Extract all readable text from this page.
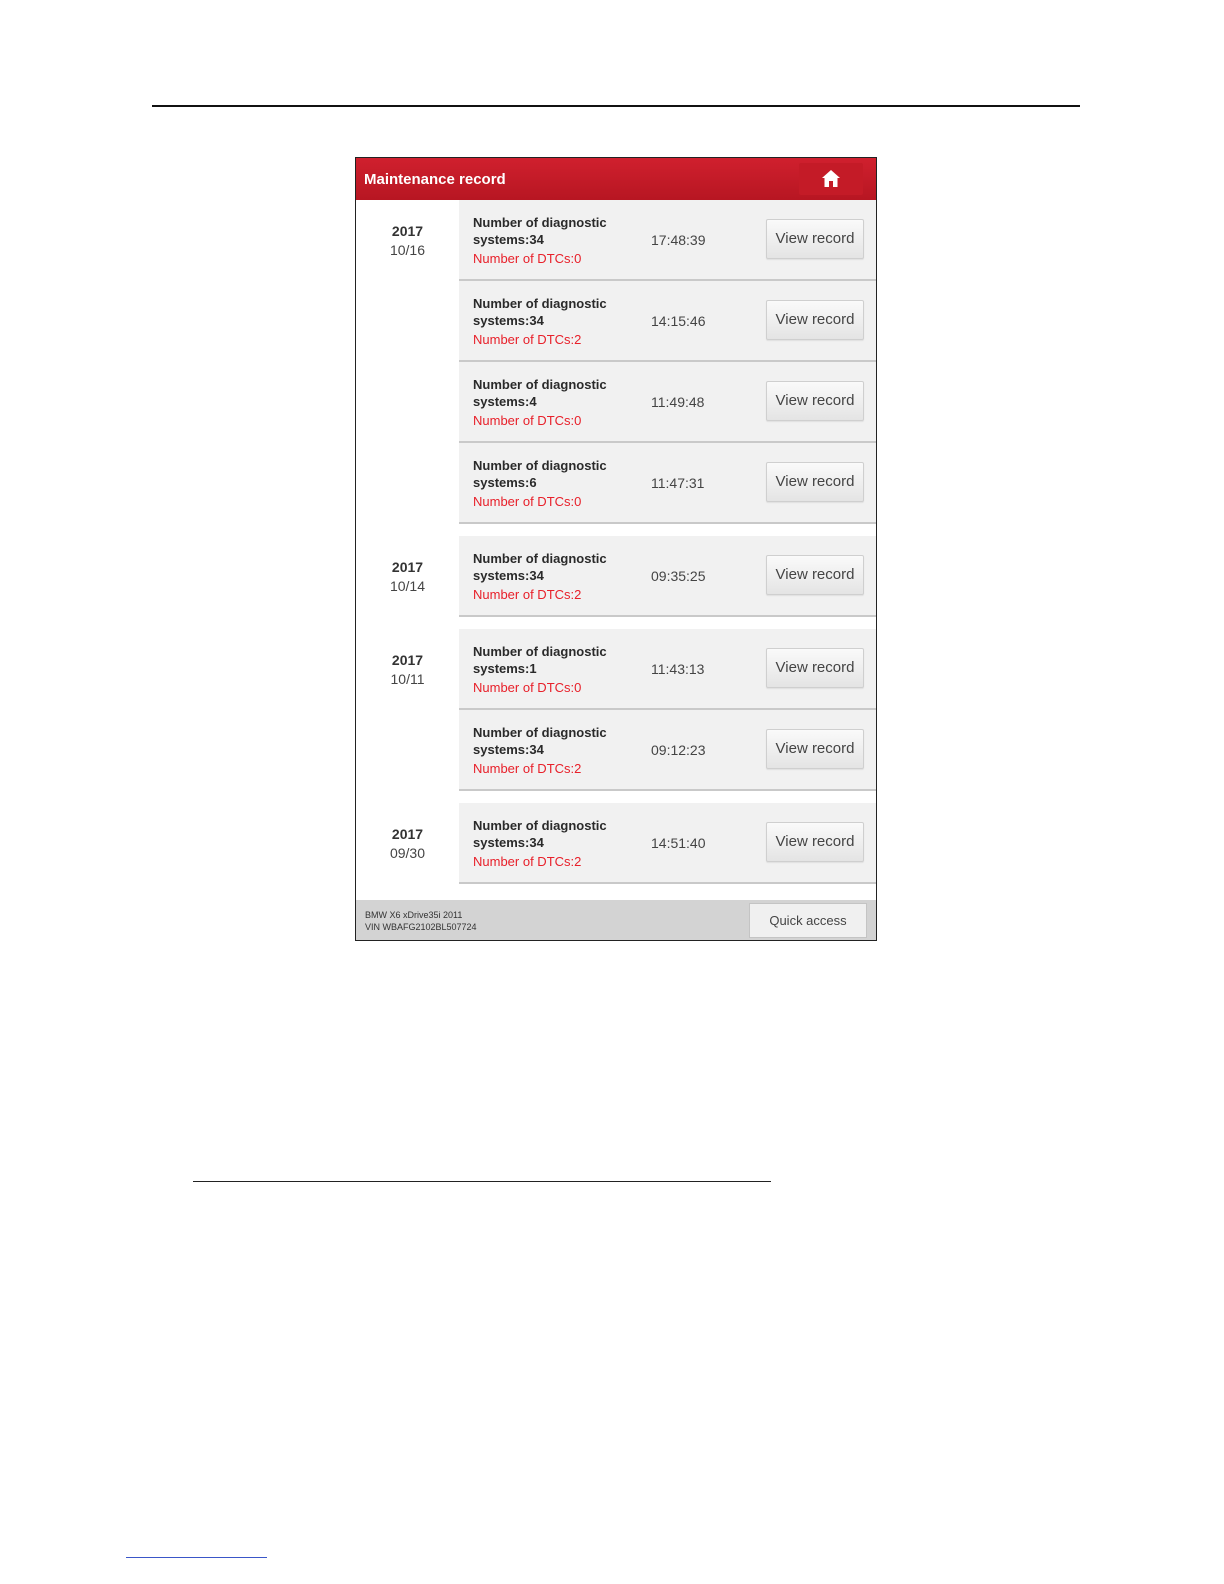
Maintenance record
2017
10/16
Number of diagnostic systems:34
Number of DTCs:0
17:48:39	View record
Number of diagnostic systems:34
Number of DTCs:2
14:15:46	View record
Number of diagnostic systems:4
Number of DTCs:0
11:49:48	View record
Number of diagnostic systems:6
Number of DTCs:0
11:47:31	View record
2017
10/14
Number of diagnostic systems:34
Number of DTCs:2
09:35:25	View record
2017
10/11
Number of diagnostic systems:1
Number of DTCs:0
11:43:13	View record
Number of diagnostic systems:34
Number of DTCs:2
09:12:23	View record
2017
09/30
Number of diagnostic systems:34
Number of DTCs:2
14:51:40	View record
BMW X6 xDrive35i 2011
VIN WBAFG2102BL507724	Quick access
